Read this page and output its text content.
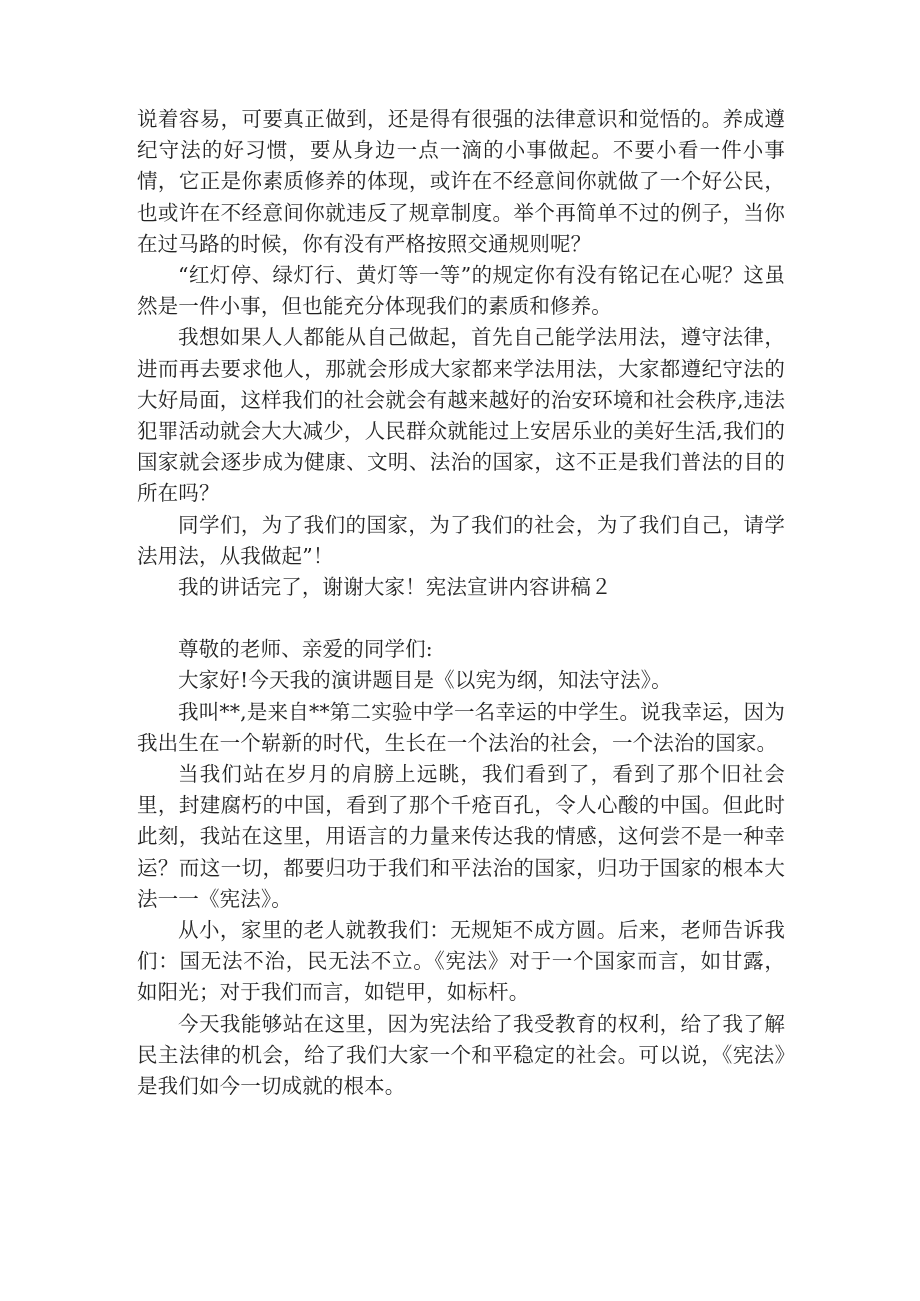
说着容易，可要真正做到，还是得有很强的法律意识和觉悟的。养成遵纪守法的好习惯，要从身边一点一滴的小事做起。不要小看一件小事情，它正是你素质修养的体现，或许在不经意间你就做了一个好公民，也或许在不经意间你就违反了规章制度。举个再简单不过的例子，当你在过马路的时候，你有没有严格按照交通规则呢？

“红灯停、绿灯行、黄灯等一等”的规定你有没有铭记在心呢？这虽然是一件小事，但也能充分体现我们的素质和修养。

我想如果人人都能从自己做起，首先自己能学法用法，遵守法律，进而再去要求他人，那就会形成大家都来学法用法，大家都遵纪守法的大好局面，这样我们的社会就会有越来越好的治安环境和社会秩序,违法犯罪活动就会大大减少，人民群众就能过上安居乐业的美好生活,我们的国家就会逐步成为健康、文明、法治的国家，这不正是我们普法的目的所在吗？

同学们，为了我们的国家，为了我们的社会，为了我们自己，请学法用法，从我做起”！

我的讲话完了，谢谢大家！宪法宣讲内容讲稿２

尊敬的老师、亲爱的同学们:

大家好!今天我的演讲题目是《以宪为纲，知法守法》。

我叫**,是来自**第二实验中学一名幸运的中学生。说我幸运，因为我出生在一个崭新的时代，生长在一个法治的社会，一个法治的国家。

当我们站在岁月的肩膀上远眺，我们看到了，看到了那个旧社会里，封建腐朽的中国，看到了那个千疮百孔，令人心酸的中国。但此时此刻，我站在这里，用语言的力量来传达我的情感，这何尝不是一种幸运？而这一切，都要归功于我们和平法治的国家，归功于国家的根本大法一一《宪法》。

从小，家里的老人就教我们：无规矩不成方圆。后来，老师告诉我们：国无法不治，民无法不立。《宪法》对于一个国家而言，如甘露，如阳光；对于我们而言，如铠甲，如标杆。

今天我能够站在这里，因为宪法给了我受教育的权利，给了我了解民主法律的机会，给了我们大家一个和平稳定的社会。可以说，《宪法》是我们如今一切成就的根本。
